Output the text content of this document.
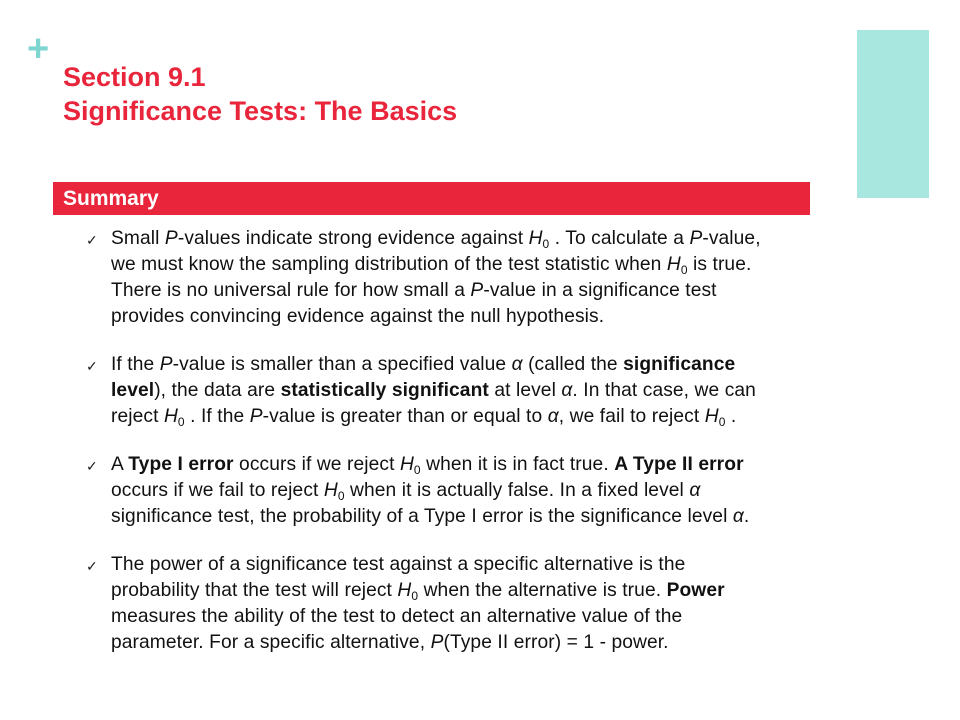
+
Section 9.1
Significance Tests: The Basics
Summary
✓ Small P-values indicate strong evidence against $H_0$ . To calculate a P-value,
we must know the sampling distribution of the test statistic when $H_0$ is true.
There is no universal rule for how small a P-value in a significance test
provides convincing evidence against the null hypothesis.
✓ If the P-value is smaller than a specified value α (called the significance
level), the data are statistically significant at level α. In that case, we can
reject $H_0$ . If the P-value is greater than or equal to α, we fail to reject $H_0$ .
✓ A Type I error occurs if we reject $H_0$ when it is in fact true. A Type II error
occurs if we fail to reject $H_0$ when it is actually false. In a fixed level α
significance test, the probability of a Type I error is the significance level α.
✓ The power of a significance test against a specific alternative is the
probability that the test will reject $H_0$ when the alternative is true. Power
measures the ability of the test to detect an alternative value of the
parameter. For a specific alternative, P(Type II error) = 1 - power.
